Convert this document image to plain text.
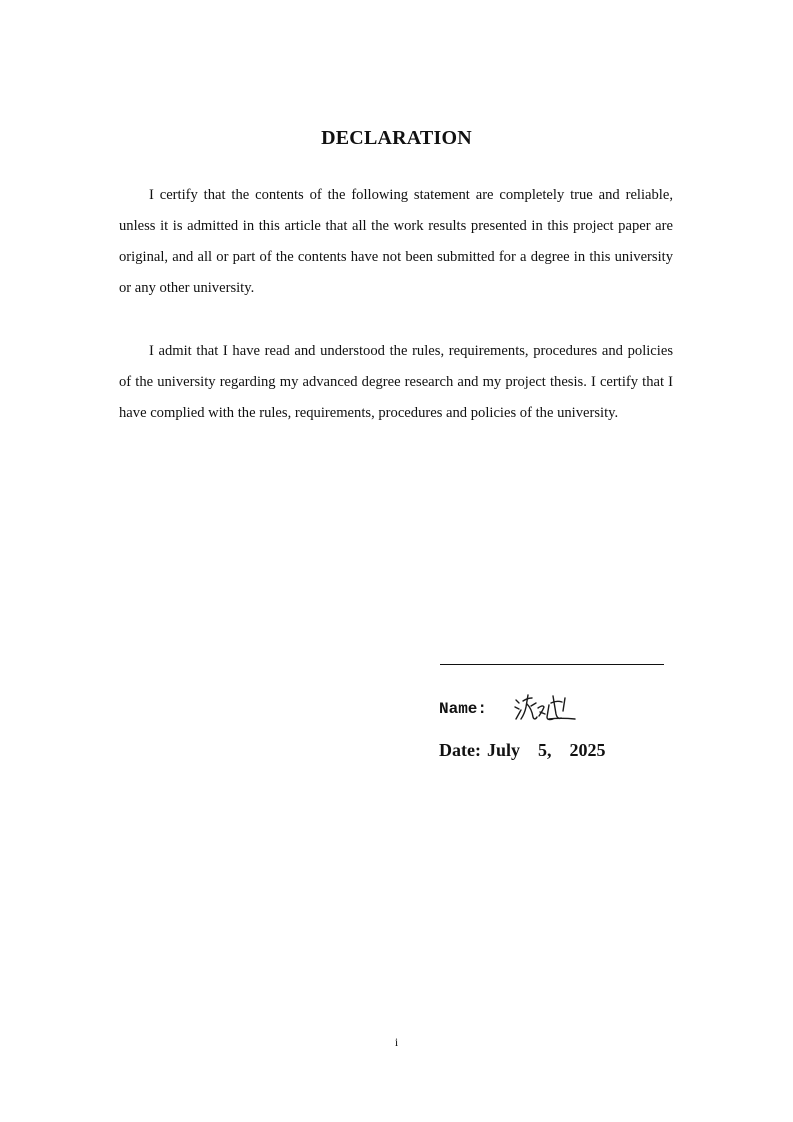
DECLARATION

I certify that the contents of the following statement are completely true and reliable, unless it is admitted in this article that all the work results presented in this project paper are original, and all or part of the contents have not been submitted for a degree in this university or any other university.

I admit that I have read and understood the rules, requirements, procedures and policies of the university regarding my advanced degree research and my project thesis. I certify that I have complied with the rules, requirements, procedures and policies of the university.

Name:
Date: July 5, 2025
i
